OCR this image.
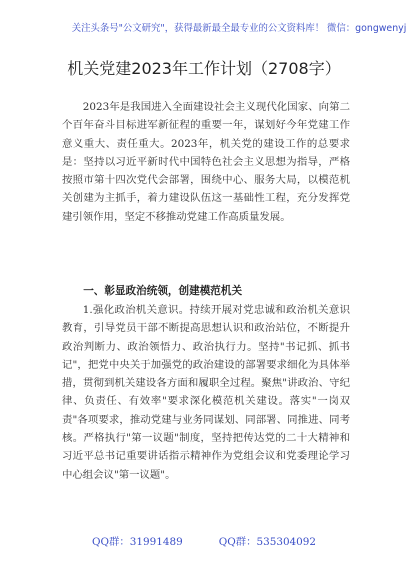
关注头条号"公文研究"，获得最新最全最专业的公文资料库！ 微信：gongwenyj
机关党建2023年工作计划（2708字）

2023年是我国进入全面建设社会主义现代化国家、向第二个百年奋斗目标进军新征程的重要一年，谋划好今年党建工作意义重大、责任重大。2023年，机关党的建设工作的总要求是：坚持以习近平新时代中国特色社会主义思想为指导，严格按照市第十四次党代会部署，围绕中心、服务大局，以模范机关创建为主抓手，着力建设队伍这一基础性工程，充分发挥党建引领作用，坚定不移推动党建工作高质量发展。

一、彰显政治统领，创建模范机关

1.强化政治机关意识。持续开展对党忠诚和政治机关意识教育，引导党员干部不断提高思想认识和政治站位，不断提升政治判断力、政治领悟力、政治执行力。坚持"书记抓、抓书记"，把党中央关于加强党的政治建设的部署要求细化为具体举措，贯彻到机关建设各方面和履职全过程。聚焦"讲政治、守纪律、负责任、有效率"要求深化模范机关建设。落实"一岗双责"各项要求，推动党建与业务同谋划、同部署、同推进、同考核。严格执行"第一议题"制度，坚持把传达党的二十大精神和习近平总书记重要讲话指示精神作为党组会议和党委理论学习中心组会议"第一议题"。

QQ群：31991489	QQ群：535304092
